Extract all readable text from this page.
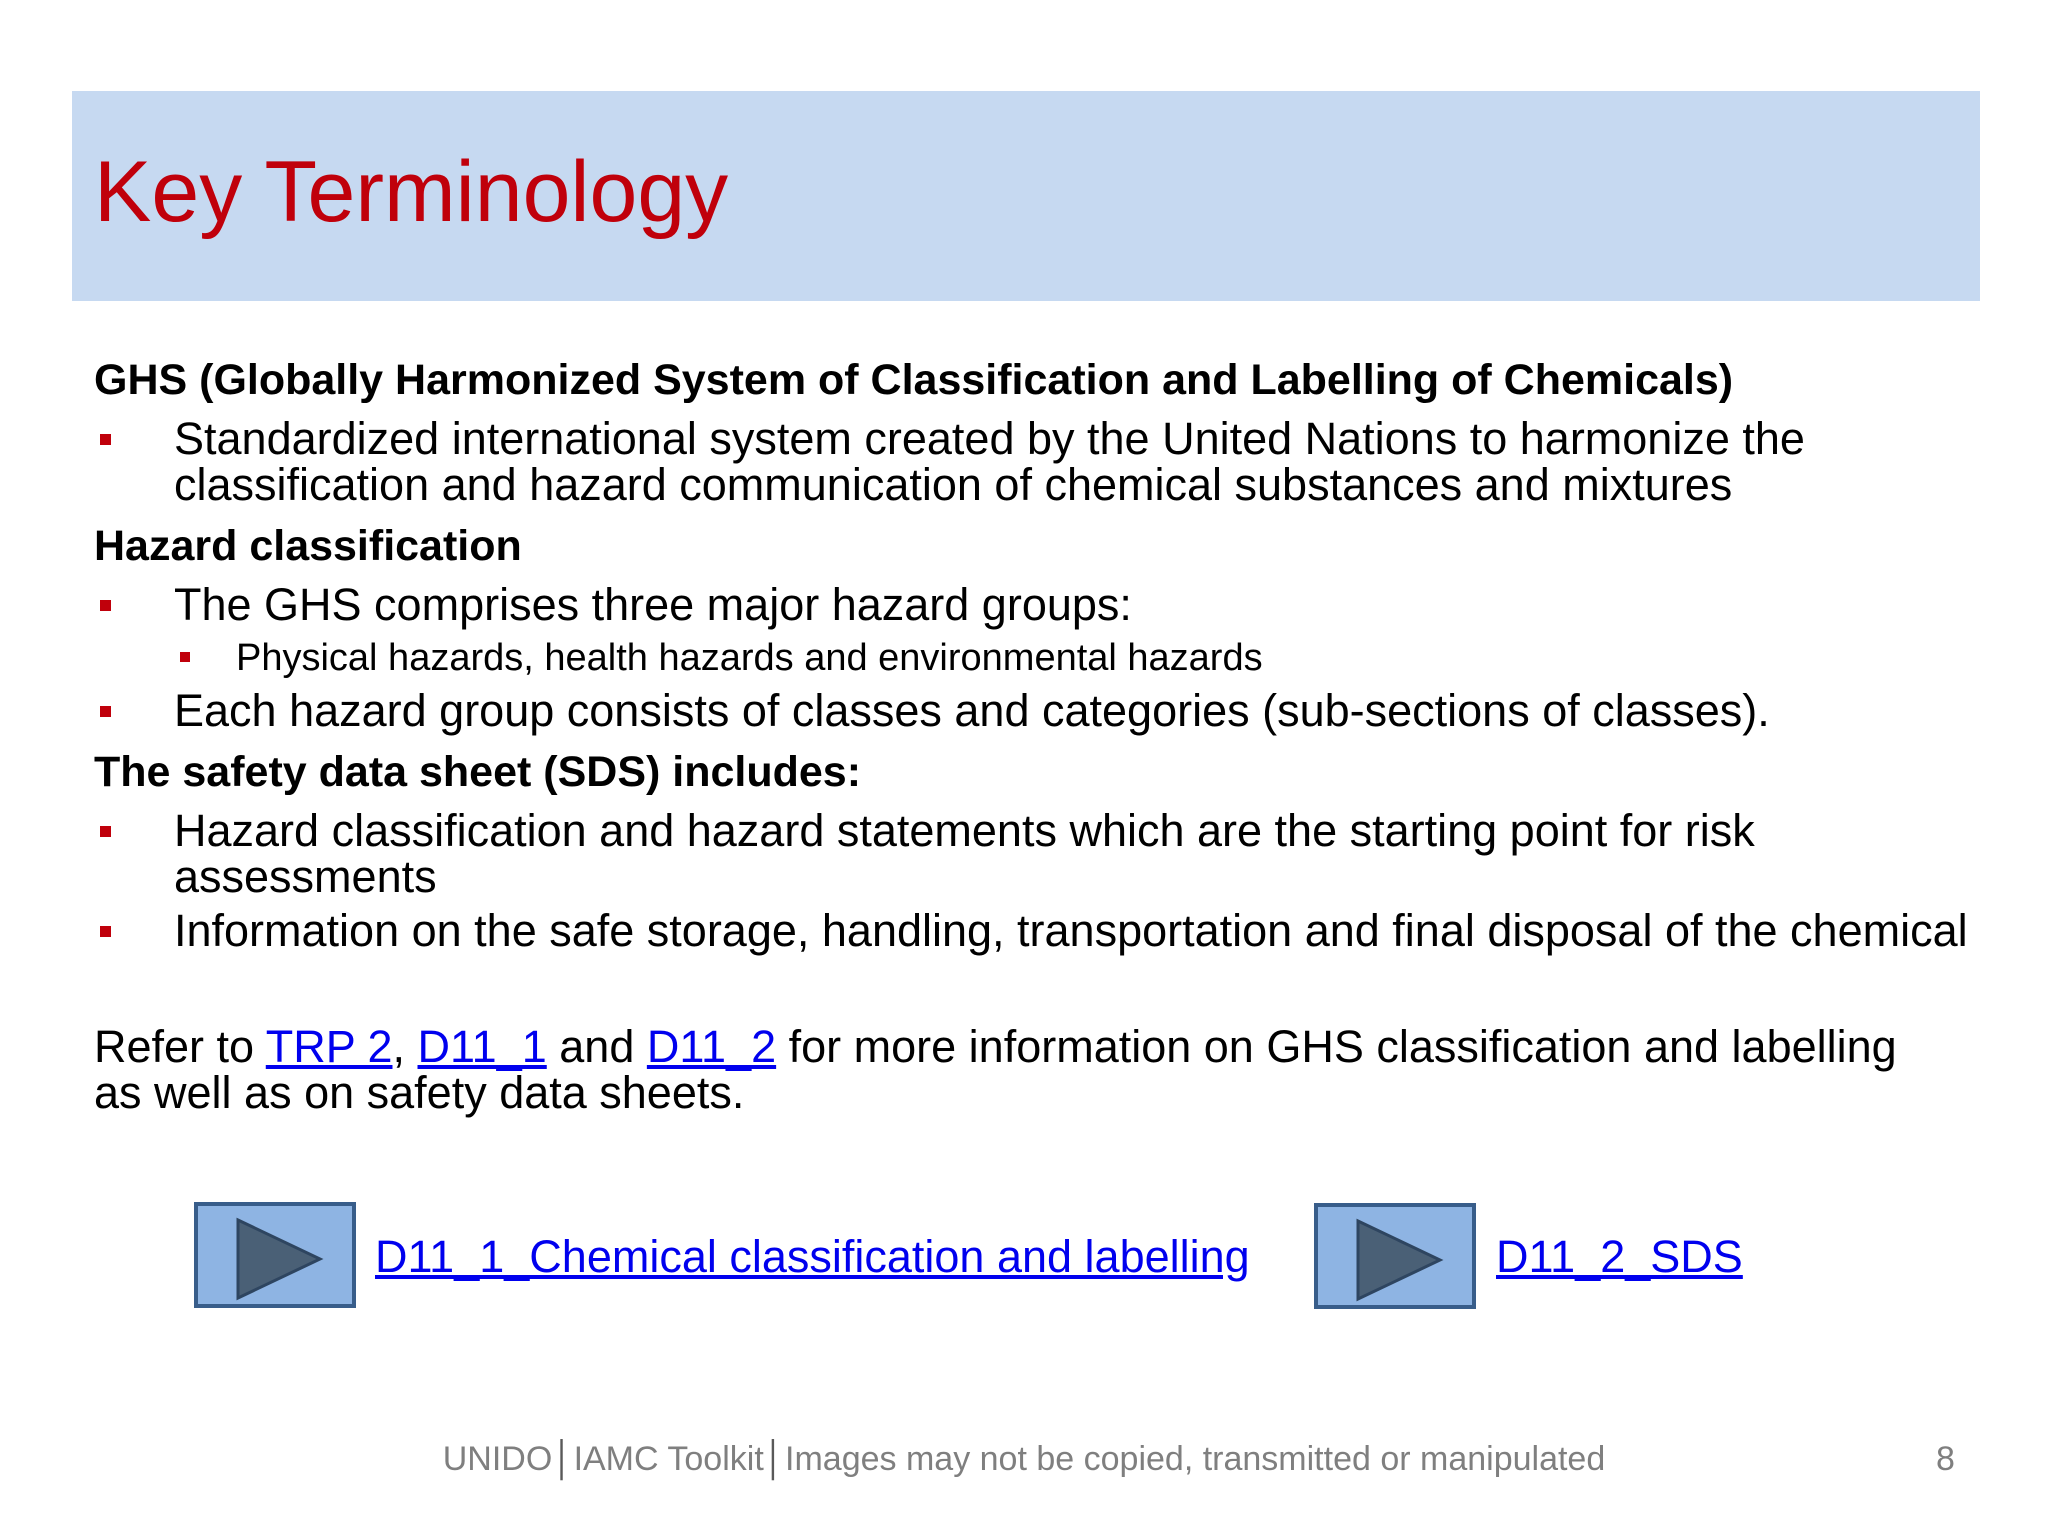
Key Terminology

GHS (Globally Harmonized System of Classification and Labelling of Chemicals)

Standardized international system created by the United Nations to harmonize the classification and hazard communication of chemical substances and mixtures

Hazard classification

The GHS comprises three major hazard groups:
Physical hazards, health hazards and environmental hazards
Each hazard group consists of classes and categories (sub-sections of classes).

The safety data sheet (SDS) includes:

Hazard classification and hazard statements which are the starting point for risk assessments
Information on the safe storage, handling, transportation and final disposal of the chemical
Refer to TRP 2, D11_1 and D11_2 for more information on GHS classification and labelling as well as on safety data sheets.
D11_1_Chemical classification and labelling	D11_2_SDS
UNIDO│IAMC Toolkit│Images may not be copied, transmitted or manipulated	8
